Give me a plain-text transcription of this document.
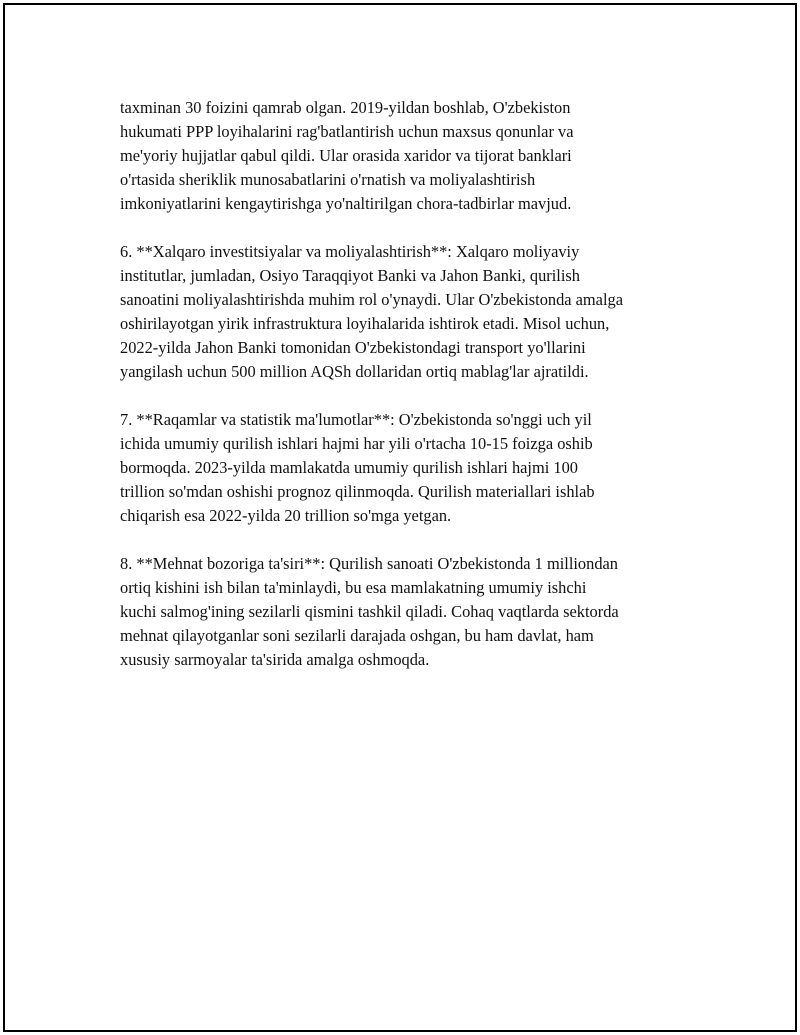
taxminan 30 foizini qamrab olgan. 2019-yildan boshlab, O'zbekiston
hukumati PPP loyihalarini rag'batlantirish uchun maxsus qonunlar va
me'yoriy hujjatlar qabul qildi. Ular orasida xaridor va tijorat banklari
o'rtasida sheriklik munosabatlarini o'rnatish va moliyalashtirish
imkoniyatlarini kengaytirishga yo'naltirilgan chora-tadbirlar mavjud.

6. **Xalqaro investitsiyalar va moliyalashtirish**: Xalqaro moliyaviy
institutlar, jumladan, Osiyo Taraqqiyot Banki va Jahon Banki, qurilish
sanoatini moliyalashtirishda muhim rol o'ynaydi. Ular O'zbekistonda amalga
oshirilayotgan yirik infrastruktura loyihalarida ishtirok etadi. Misol uchun,
2022-yilda Jahon Banki tomonidan O'zbekistondagi transport yo'llarini
yangilash uchun 500 million AQSh dollaridan ortiq mablag'lar ajratildi.

7. **Raqamlar va statistik ma'lumotlar**: O'zbekistonda so'nggi uch yil
ichida umumiy qurilish ishlari hajmi har yili o'rtacha 10-15 foizga oshib
bormoqda. 2023-yilda mamlakatda umumiy qurilish ishlari hajmi 100
trillion so'mdan oshishi prognoz qilinmoqda. Qurilish materiallari ishlab
chiqarish esa 2022-yilda 20 trillion so'mga yetgan.

8. **Mehnat bozoriga ta'siri**: Qurilish sanoati O'zbekistonda 1 milliondan
ortiq kishini ish bilan ta'minlaydi, bu esa mamlakatning umumiy ishchi
kuchi salmog'ining sezilarli qismini tashkil qiladi. Cohaq vaqtlarda sektorda
mehnat qilayotganlar soni sezilarli darajada oshgan, bu ham davlat, ham
xususiy sarmoyalar ta'sirida amalga oshmoqda.
